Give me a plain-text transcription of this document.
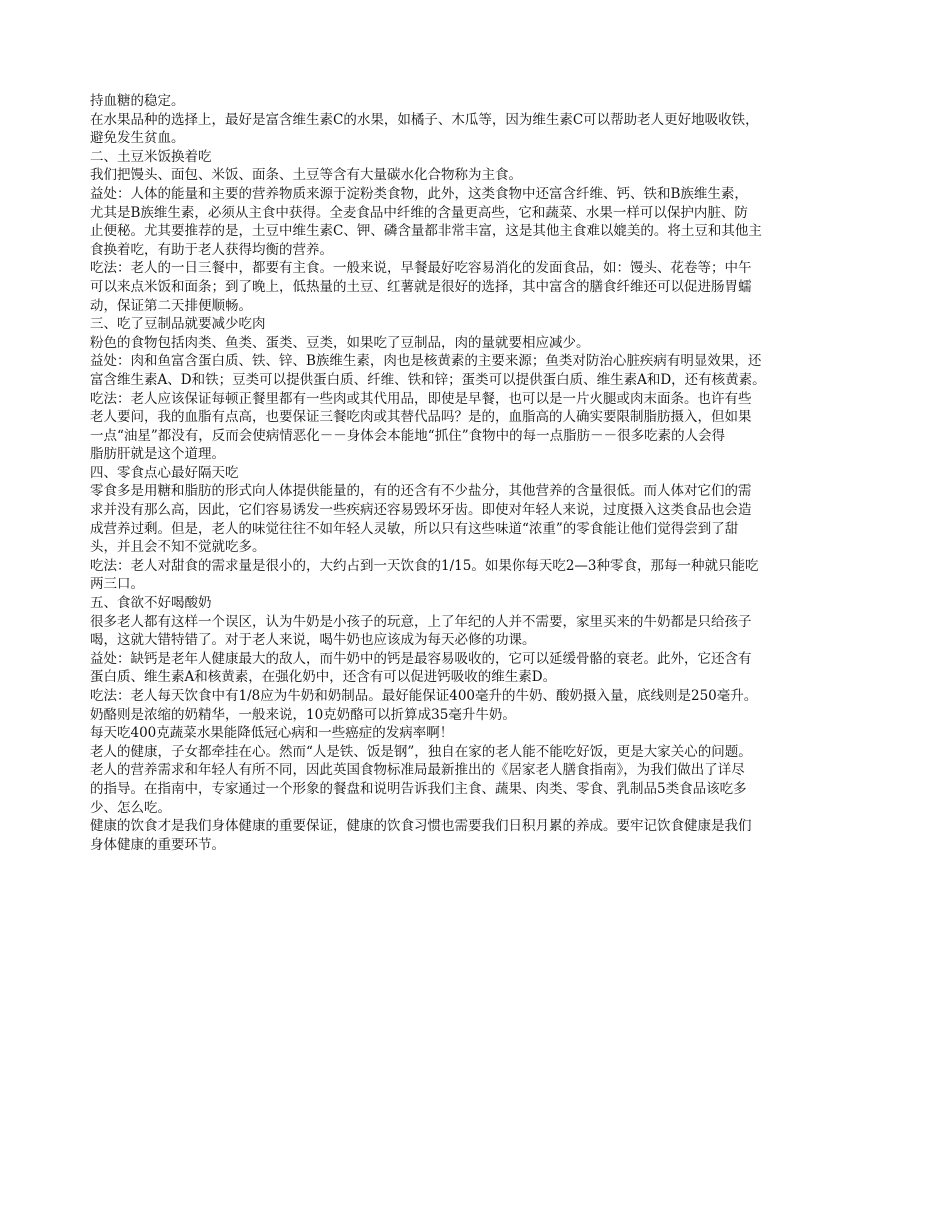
持血糖的稳定。

在水果品种的选择上，最好是富含维生素C的水果，如橘子、木瓜等，因为维生素C可以帮助老人更好地吸收铁，

避免发生贫血。

二、土豆米饭换着吃

我们把馒头、面包、米饭、面条、土豆等含有大量碳水化合物称为主食。

益处：人体的能量和主要的营养物质来源于淀粉类食物，此外，这类食物中还富含纤维、钙、铁和B族维生素，

尤其是B族维生素，必须从主食中获得。全麦食品中纤维的含量更高些，它和蔬菜、水果一样可以保护内脏、防

止便秘。尤其要推荐的是，土豆中维生素C、钾、磷含量都非常丰富，这是其他主食难以媲美的。将土豆和其他主

食换着吃，有助于老人获得均衡的营养。

吃法：老人的一日三餐中，都要有主食。一般来说，早餐最好吃容易消化的发面食品，如：馒头、花卷等；中午

可以来点米饭和面条；到了晚上，低热量的土豆、红薯就是很好的选择，其中富含的膳食纤维还可以促进肠胃蠕

动，保证第二天排便顺畅。

三、吃了豆制品就要减少吃肉

粉色的食物包括肉类、鱼类、蛋类、豆类，如果吃了豆制品，肉的量就要相应减少。

益处：肉和鱼富含蛋白质、铁、锌、B族维生素，肉也是核黄素的主要来源；鱼类对防治心脏疾病有明显效果，还

富含维生素A、D和铁；豆类可以提供蛋白质、纤维、铁和锌；蛋类可以提供蛋白质、维生素A和D，还有核黄素。

吃法：老人应该保证每顿正餐里都有一些肉或其代用品，即使是早餐，也可以是一片火腿或肉末面条。也许有些

老人要问，我的血脂有点高，也要保证三餐吃肉或其替代品吗？是的，血脂高的人确实要限制脂肪摄入，但如果

一点“油星”都没有，反而会使病情恶化－－身体会本能地“抓住”食物中的每一点脂肪－－很多吃素的人会得

脂肪肝就是这个道理。

四、零食点心最好隔天吃

零食多是用糖和脂肪的形式向人体提供能量的，有的还含有不少盐分，其他营养的含量很低。而人体对它们的需

求并没有那么高，因此，它们容易诱发一些疾病还容易毁坏牙齿。即使对年轻人来说，过度摄入这类食品也会造

成营养过剩。但是，老人的味觉往往不如年轻人灵敏，所以只有这些味道“浓重”的零食能让他们觉得尝到了甜

头，并且会不知不觉就吃多。

吃法：老人对甜食的需求量是很小的，大约占到一天饮食的1/15。如果你每天吃2—3种零食，那每一种就只能吃

两三口。

五、食欲不好喝酸奶

很多老人都有这样一个误区，认为牛奶是小孩子的玩意，上了年纪的人并不需要，家里买来的牛奶都是只给孩子

喝，这就大错特错了。对于老人来说，喝牛奶也应该成为每天必修的功课。

益处：缺钙是老年人健康最大的敌人，而牛奶中的钙是最容易吸收的，它可以延缓骨骼的衰老。此外，它还含有

蛋白质、维生素A和核黄素，在强化奶中，还含有可以促进钙吸收的维生素D。

吃法：老人每天饮食中有1/8应为牛奶和奶制品。最好能保证400毫升的牛奶、酸奶摄入量，底线则是250毫升。

奶酪则是浓缩的奶精华，一般来说，10克奶酪可以折算成35毫升牛奶。

每天吃400克蔬菜水果能降低冠心病和一些癌症的发病率啊！

老人的健康，子女都牵挂在心。然而“人是铁、饭是钢”，独自在家的老人能不能吃好饭，更是大家关心的问题。

老人的营养需求和年轻人有所不同，因此英国食物标准局最新推出的《居家老人膳食指南》，为我们做出了详尽

的指导。在指南中，专家通过一个形象的餐盘和说明告诉我们主食、蔬果、肉类、零食、乳制品5类食品该吃多

少、怎么吃。

健康的饮食才是我们身体健康的重要保证，健康的饮食习惯也需要我们日积月累的养成。要牢记饮食健康是我们

身体健康的重要环节。
